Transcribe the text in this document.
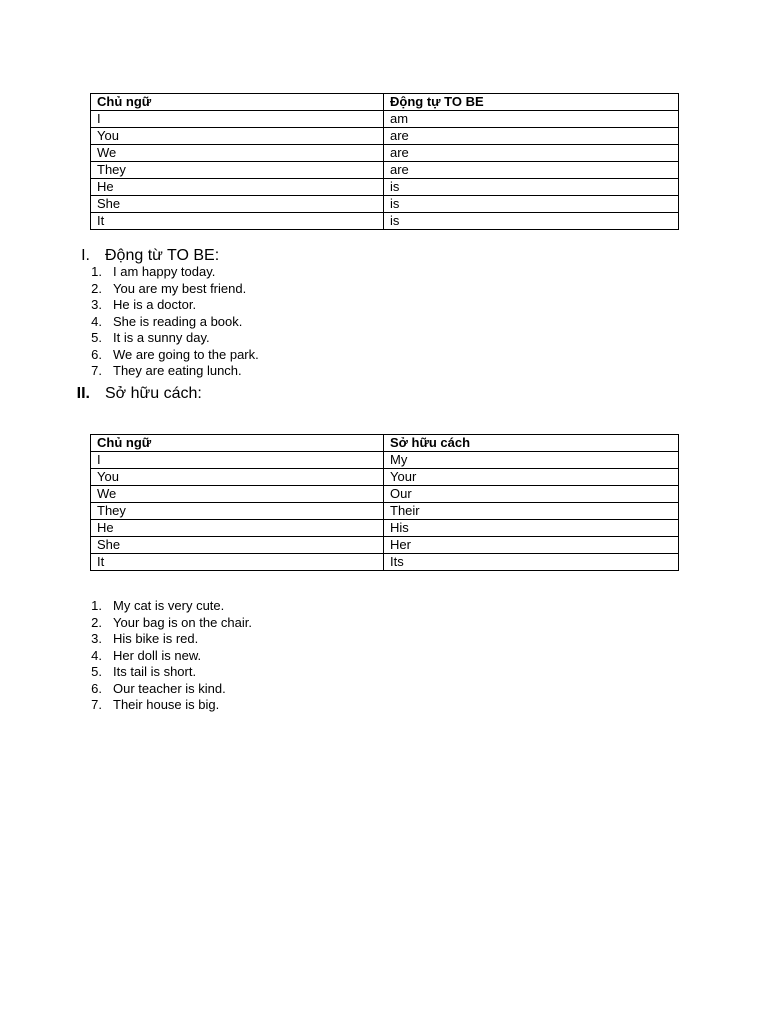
Chủ ngữ	Động tự TO BE
I	am
You	are
We	are
They	are
He	is
She	is
It	is
I. Động từ TO BE:
1. I am happy today.
2. You are my best friend.
3. He is a doctor.
4. She is reading a book.
5. It is a sunny day.
6. We are going to the park.
7. They are eating lunch.
II. Sở hữu cách:
Chủ ngữ	Sở hữu cách
I	My
You	Your
We	Our
They	Their
He	His
She	Her
It	Its
1. My cat is very cute.
2. Your bag is on the chair.
3. His bike is red.
4. Her doll is new.
5. Its tail is short.
6. Our teacher is kind.
7. Their house is big.
